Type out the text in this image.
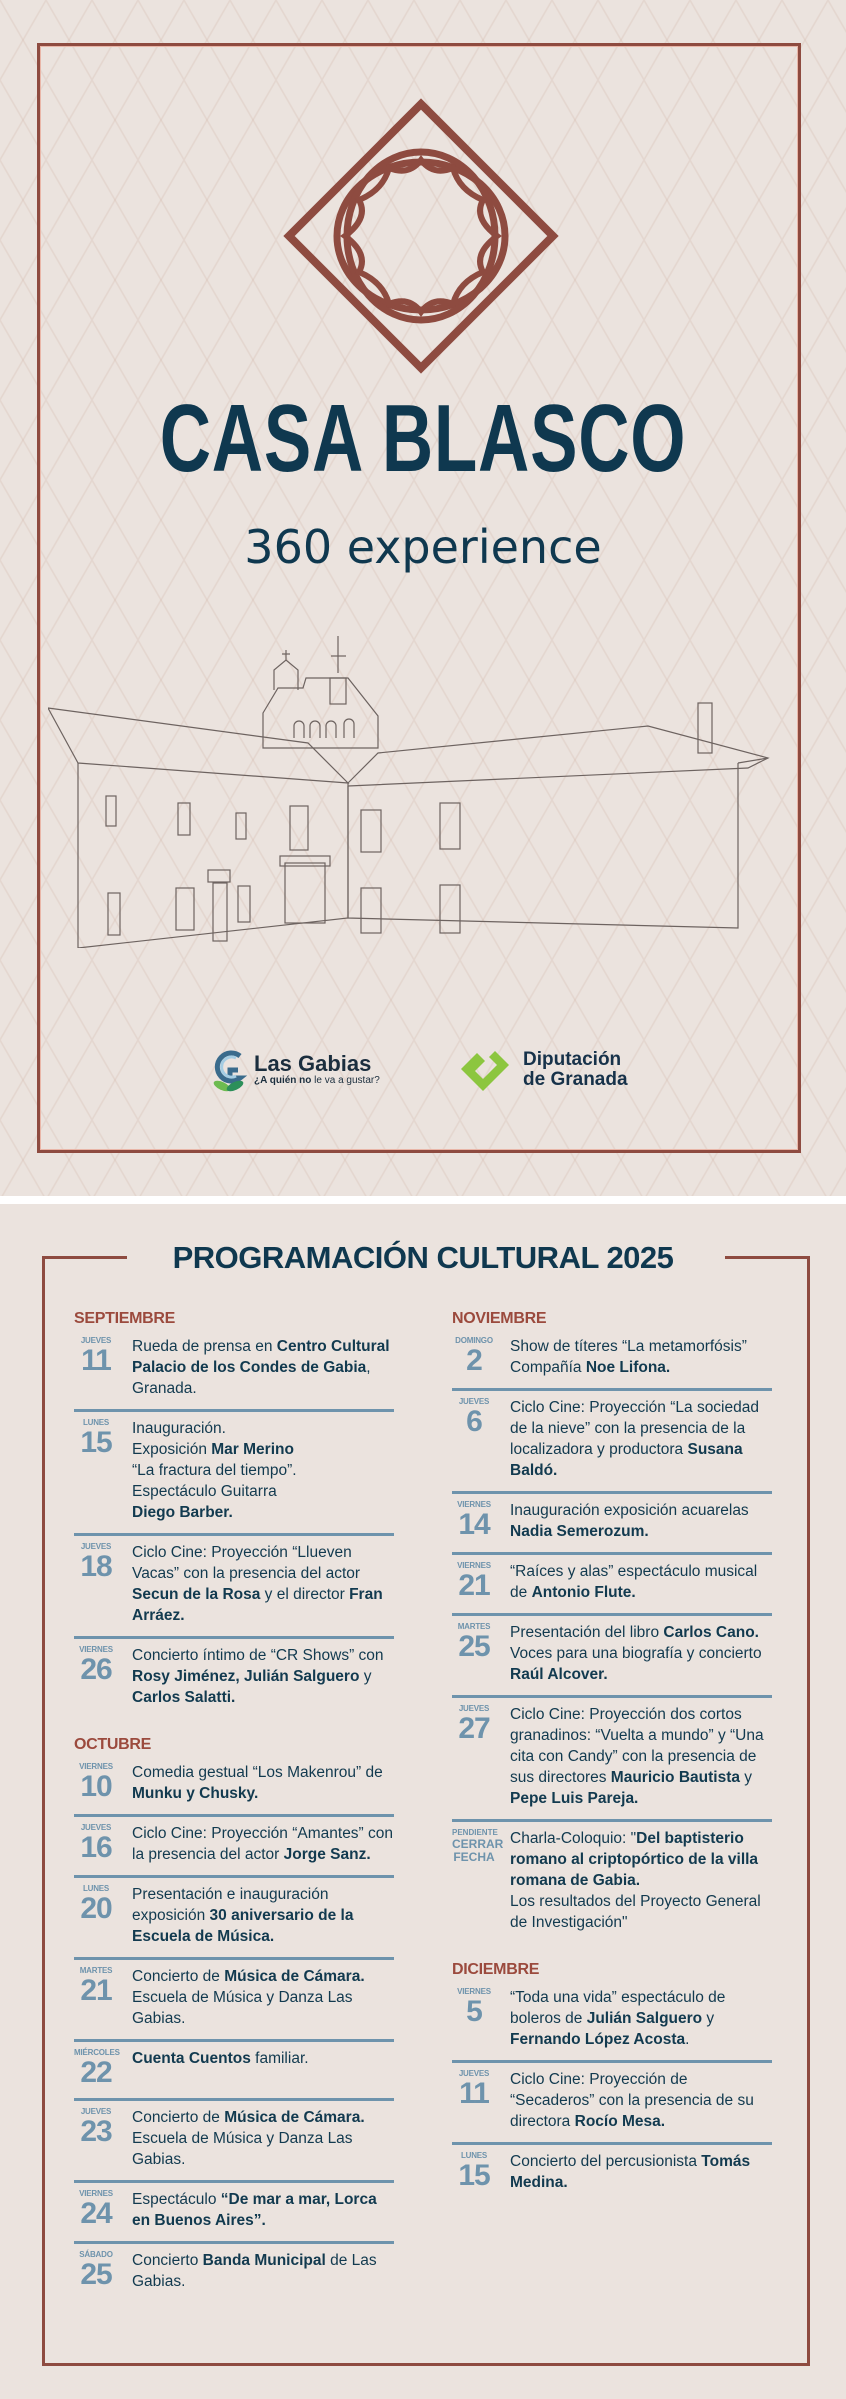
CASA BLASCO
360 experience
Las Gabias
¿A quién no le va a gustar?
Diputación
de Granada
PROGRAMACIÓN CULTURAL 2025
SEPTIEMBRE
JUEVES
11	Rueda de prensa en Centro Cultural Palacio de los Condes de Gabia, Granada.
LUNES
15	Inauguración.
Exposición Mar Merino
“La fractura del tiempo”.
Espectáculo Guitarra
Diego Barber.
JUEVES
18	Ciclo Cine: Proyección “Llueven Vacas” con la presencia del actor Secun de la Rosa y el director Fran Arráez.
VIERNES
26	Concierto íntimo de “CR Shows” con Rosy Jiménez, Julián Salguero y Carlos Salatti.
OCTUBRE
VIERNES
10	Comedia gestual “Los Makenrou” de Munku y Chusky.
JUEVES
16	Ciclo Cine: Proyección “Amantes” con la presencia del actor Jorge Sanz.
LUNES
20	Presentación e inauguración exposición 30 aniversario de la Escuela de Música.
MARTES
21	Concierto de Música de Cámara. Escuela de Música y Danza Las Gabias.
MIÉRCOLES
22	Cuenta Cuentos familiar.
JUEVES
23	Concierto de Música de Cámara. Escuela de Música y Danza Las Gabias.
VIERNES
24	Espectáculo “De mar a mar, Lorca en Buenos Aires”.
SÁBADO
25	Concierto Banda Municipal de Las Gabias.
NOVIEMBRE
DOMINGO
2	Show de títeres “La metamorfósis” Compañía Noe Lifona.
JUEVES
6	Ciclo Cine: Proyección “La sociedad de la nieve” con la presencia de la localizadora y productora Susana Baldó.
VIERNES
14	Inauguración exposición acuarelas Nadia Semerozum.
VIERNES
21	“Raíces y alas” espectáculo musical de Antonio Flute.
MARTES
25	Presentación del libro Carlos Cano. Voces para una biografía y concierto Raúl Alcover.
JUEVES
27	Ciclo Cine: Proyección dos cortos granadinos: “Vuelta a mundo” y “Una cita con Candy” con la presencia de sus directores Mauricio Bautista y Pepe Luis Pareja.
PENDIENTE
CERRAR
FECHA
Charla-Coloquio: "Del baptisterio romano al criptopórtico de la villa romana de Gabia.
Los resultados del Proyecto General de Investigación"
DICIEMBRE
VIERNES
5	“Toda una vida” espectáculo de boleros de Julián Salguero y Fernando López Acosta.
JUEVES
11	Ciclo Cine: Proyección de “Secaderos” con la presencia de su directora Rocío Mesa.
LUNES
15	Concierto del percusionista Tomás Medina.
